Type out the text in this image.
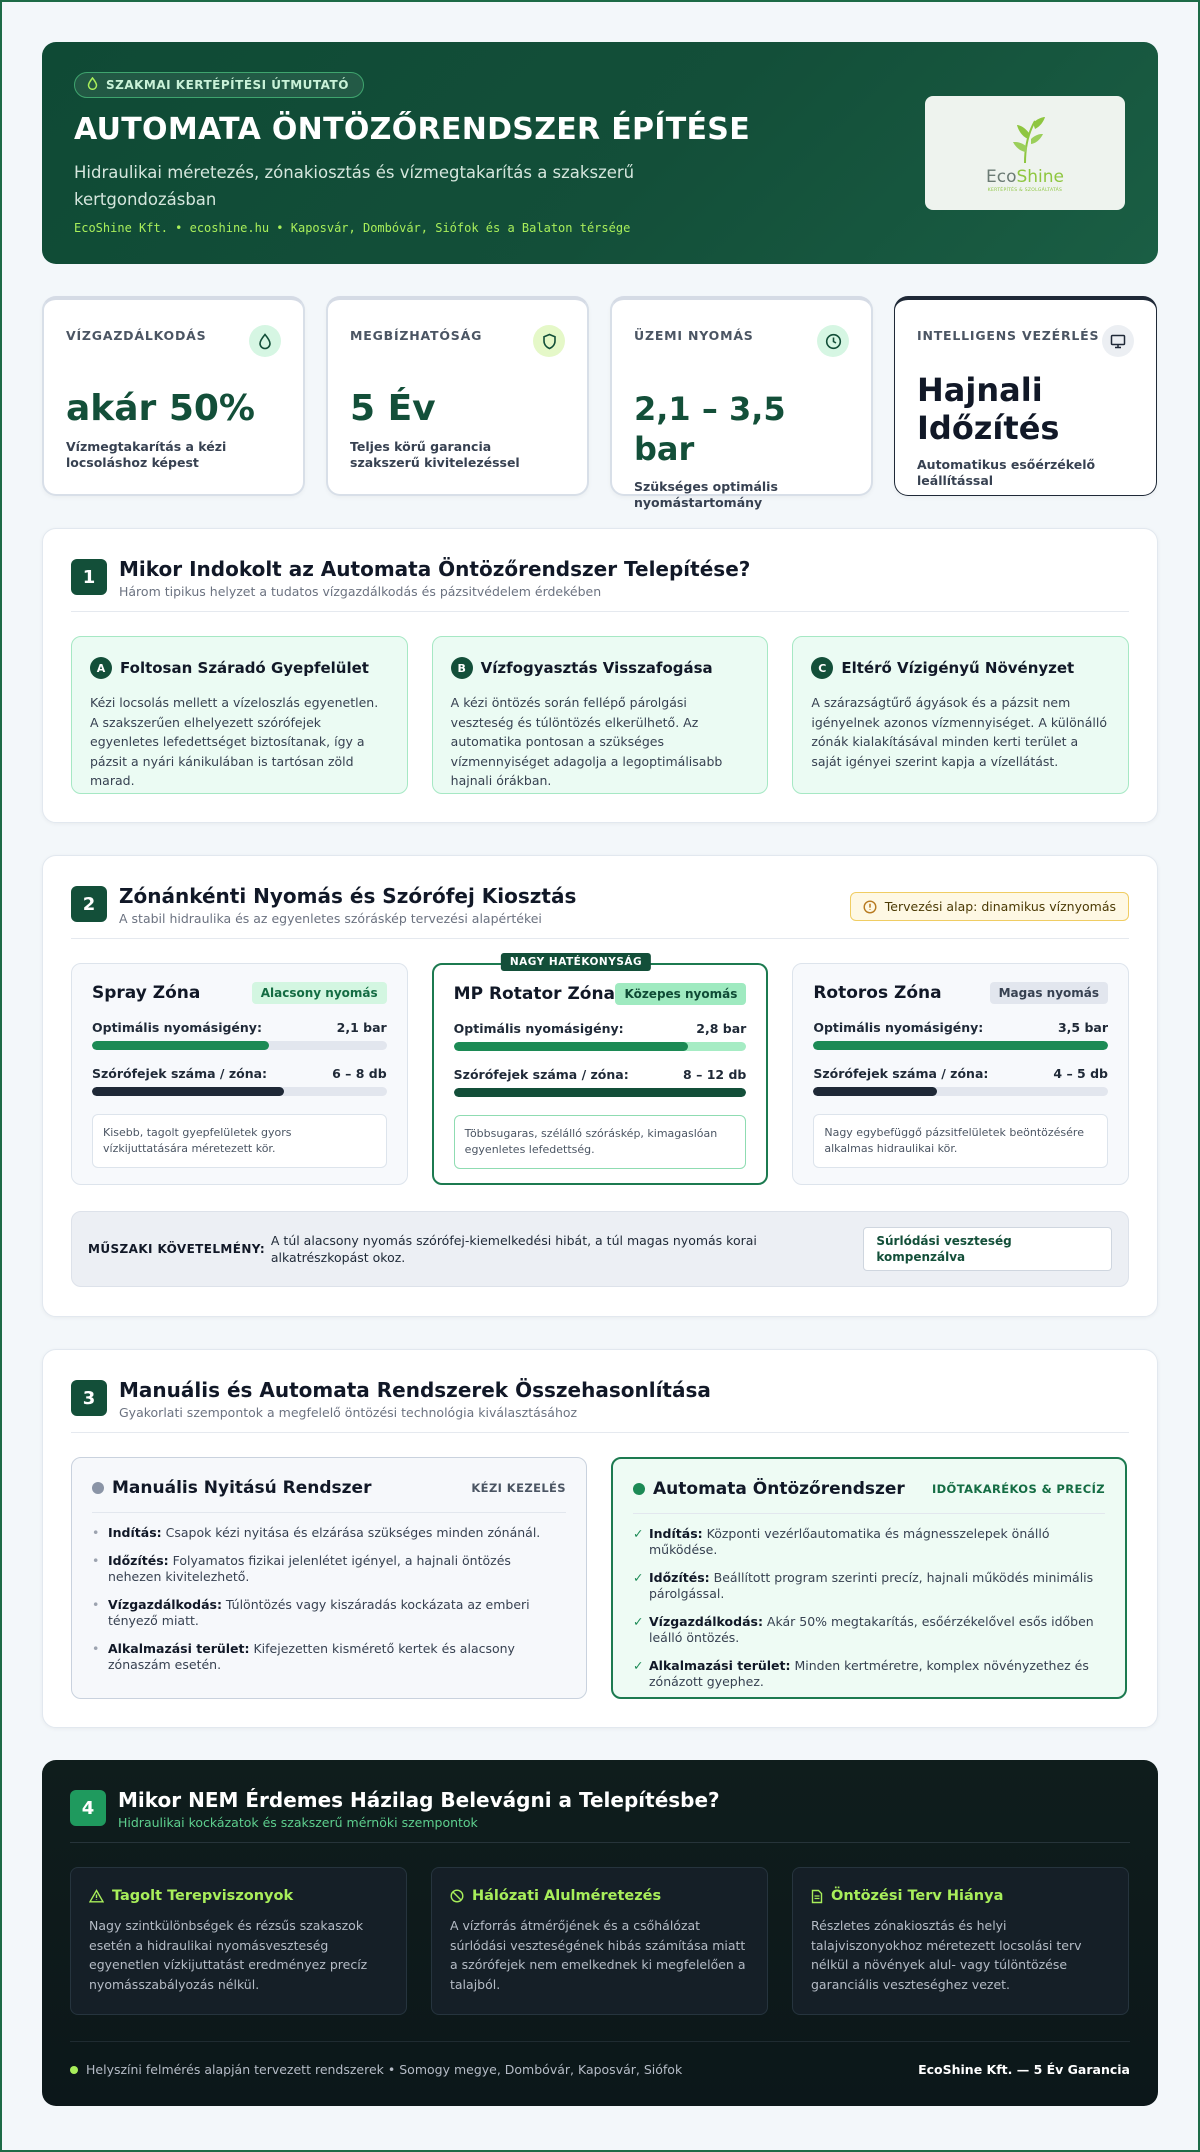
SZAKMAI KERTÉPÍTÉSI ÚTMUTATÓ
AUTOMATA ÖNTÖZŐRENDSZER ÉPÍTÉSE
Hidraulikai méretezés, zónakiosztás és vízmegtakarítás a szakszerű kertgondozásban
EcoShine Kft. • ecoshine.hu • Kaposvár, Dombóvár, Siófok és a Balaton térsége
EcoShine
KERTÉPÍTÉS & SZOLGÁLTATÁS
VÍZGAZDÁLKODÁS
akár 50%
Vízmegtakarítás a kézi locsoláshoz képest
MEGBÍZHATÓSÁG
5 Év
Teljes körű garancia szakszerű kivitelezéssel
ÜZEMI NYOMÁS
2,1 – 3,5 bar
Szükséges optimális nyomástartomány
INTELLIGENS VEZÉRLÉS
Hajnali Időzítés
Automatikus esőérzékelő leállítással
1	Mikor Indokolt az Automata Öntözőrendszer Telepítése?
Három tipikus helyzet a tudatos vízgazdálkodás és pázsitvédelem érdekében
A Foltosan Száradó Gyepfelület
Kézi locsolás mellett a vízeloszlás egyenetlen. A szakszerűen elhelyezett szórófejek egyenletes lefedettséget biztosítanak, így a pázsit a nyári kánikulában is tartósan zöld marad.
B Vízfogyasztás Visszafogása
A kézi öntözés során fellépő párolgási veszteség és túlöntözés elkerülhető. Az automatika pontosan a szükséges vízmennyiséget adagolja a legoptimálisabb hajnali órákban.
C Eltérő Vízigényű Növényzet
A szárazságtűrő ágyások és a pázsit nem igényelnek azonos vízmennyiséget. A különálló zónák kialakításával minden kerti terület a saját igényei szerint kapja a vízellátást.
2	Zónánkénti Nyomás és Szórófej Kiosztás
A stabil hidraulika és az egyenletes szóráskép tervezési alapértékei
Tervezési alap: dinamikus víznyomás
Spray Zóna	Alacsony nyomás
Optimális nyomásigény:	2,1 bar
Szórófejek száma / zóna:	6 – 8 db
Kisebb, tagolt gyepfelületek gyors vízkijuttatására méretezett kör.
NAGY HATÉKONYSÁG
MP Rotator Zóna Közepes nyomás
Optimális nyomásigény:	2,8 bar
Szórófejek száma / zóna:	8 – 12 db
Többsugaras, szélálló szóráskép, kimagaslóan egyenletes lefedettség.
Rotoros Zóna	Magas nyomás
Optimális nyomásigény:	3,5 bar
Szórófejek száma / zóna:	4 – 5 db
Nagy egybefüggő pázsitfelületek beöntözésére alkalmas hidraulikai kör.
MŰSZAKI KÖVETELMÉNY:
A túl alacsony nyomás szórófej-kiemelkedési hibát, a túl magas nyomás korai alkatrészkopást okoz.
Súrlódási veszteség kompenzálva
3	Manuális és Automata Rendszerek Összehasonlítása
Gyakorlati szempontok a megfelelő öntözési technológia kiválasztásához
Manuális Nyitású Rendszer	KÉZI KEZELÉS
• Indítás: Csapok kézi nyitása és elzárása szükséges minden zónánál.
• Időzítés: Folyamatos fizikai jelenlétet igényel, a hajnali öntözés nehezen kivitelezhető.
• Vízgazdálkodás: Túlöntözés vagy kiszáradás kockázata az emberi tényező miatt.
• Alkalmazási terület: Kifejezetten kismérető kertek és alacsony zónaszám esetén.
Automata Öntözőrendszer IDŐTAKARÉKOS & PRECÍZ
✓ Indítás: Központi vezérlőautomatika és mágnesszelepek önálló működése.
✓ Időzítés: Beállított program szerinti precíz, hajnali működés minimális párolgással.
✓ Vízgazdálkodás: Akár 50% megtakarítás, esőérzékelővel esős időben leálló öntözés.
✓ Alkalmazási terület: Minden kertméretre, komplex növényzethez és zónázott gyephez.
4	Mikor NEM Érdemes Házilag Belevágni a Telepítésbe?
Hidraulikai kockázatok és szakszerű mérnöki szempontok
Tagolt Terepviszonyok
Nagy szintkülönbségek és rézsűs szakaszok esetén a hidraulikai nyomásveszteség egyenetlen vízkijuttatást eredményez precíz nyomásszabályozás nélkül.
Hálózati Alulméretezés
A vízforrás átmérőjének és a csőhálózat súrlódási veszteségének hibás számítása miatt a szórófejek nem emelkednek ki megfelelően a talajból.
Öntözési Terv Hiánya
Részletes zónakiosztás és helyi talajviszonyokhoz méretezett locsolási terv nélkül a növények alul- vagy túlöntözése garanciális veszteséghez vezet.
Helyszíni felmérés alapján tervezett rendszerek • Somogy megye, Dombóvár, Kaposvár, Siófok	EcoShine Kft. — 5 Év Garancia
